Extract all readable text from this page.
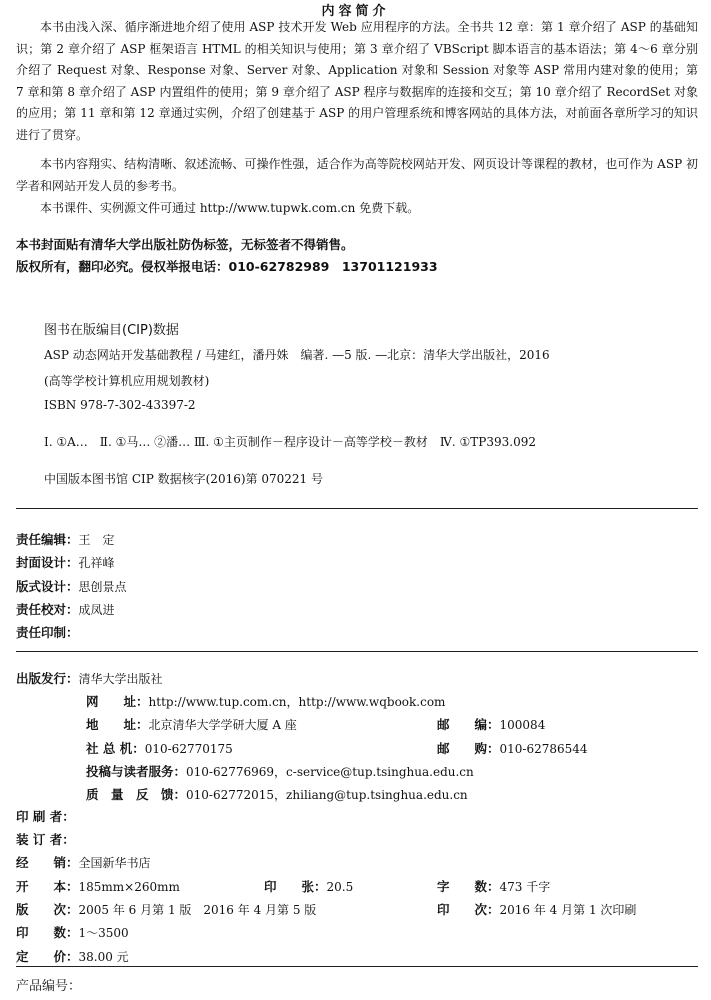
内容简介

本书由浅入深、循序渐进地介绍了使用 ASP 技术开发 Web 应用程序的方法。全书共 12 章：第 1 章介绍了 ASP 的基础知识；第 2 章介绍了 ASP 框架语言 HTML 的相关知识与使用；第 3 章介绍了 VBScript 脚本语言的基本语法；第 4～6 章分别介绍了 Request 对象、Response 对象、Server 对象、Application 对象和 Session 对象等 ASP 常用内建对象的使用；第 7 章和第 8 章介绍了 ASP 内置组件的使用；第 9 章介绍了 ASP 程序与数据库的连接和交互；第 10 章介绍了 RecordSet 对象的应用；第 11 章和第 12 章通过实例，介绍了创建基于 ASP 的用户管理系统和博客网站的具体方法，对前面各章所学习的知识进行了贯穿。

本书内容翔实、结构清晰、叙述流畅、可操作性强，适合作为高等院校网站开发、网页设计等课程的教材，也可作为 ASP 初学者和网站开发人员的参考书。

本书课件、实例源文件可通过 http://www.tupwk.com.cn 免费下载。

本书封面贴有清华大学出版社防伪标签，无标签者不得销售。
版权所有，翻印必究。侵权举报电话：010-62782989　13701121933
图书在版编目(CIP)数据
ASP 动态网站开发基础教程 / 马建红，潘丹姝　编著. —5 版. —北京：清华大学出版社，2016
(高等学校计算机应用规划教材)
ISBN 978-7-302-43397-2
Ⅰ. ①A…　Ⅱ. ①马… ②潘… Ⅲ. ①主页制作－程序设计－高等学校－教材　Ⅳ. ①TP393.092
中国版本图书馆 CIP 数据核字(2016)第 070221 号
责任编辑：王　定
封面设计：孔祥峰
版式设计：思创景点
责任校对：成凤进
责任印制：
出版发行：清华大学出版社
网　　址：http://www.tup.com.cn，http://www.wqbook.com
地　　址：北京清华大学学研大厦 A 座	邮　　编：100084
社 总 机：010-62770175	邮　　购：010-62786544
投稿与读者服务：010-62776969，c-service@tup.tsinghua.edu.cn
质　量　反　馈：010-62772015，zhiliang@tup.tsinghua.edu.cn
印 刷 者：
装 订 者：
经　　销：全国新华书店
开　　本：185mm×260mm	印　　张：20.5	字　　数：473 千字
版　　次：2005 年 6 月第 1 版　2016 年 4 月第 5 版	印　　次：2016 年 4 月第 1 次印刷
印　　数：1～3500
定　　价：38.00 元
产品编号：
